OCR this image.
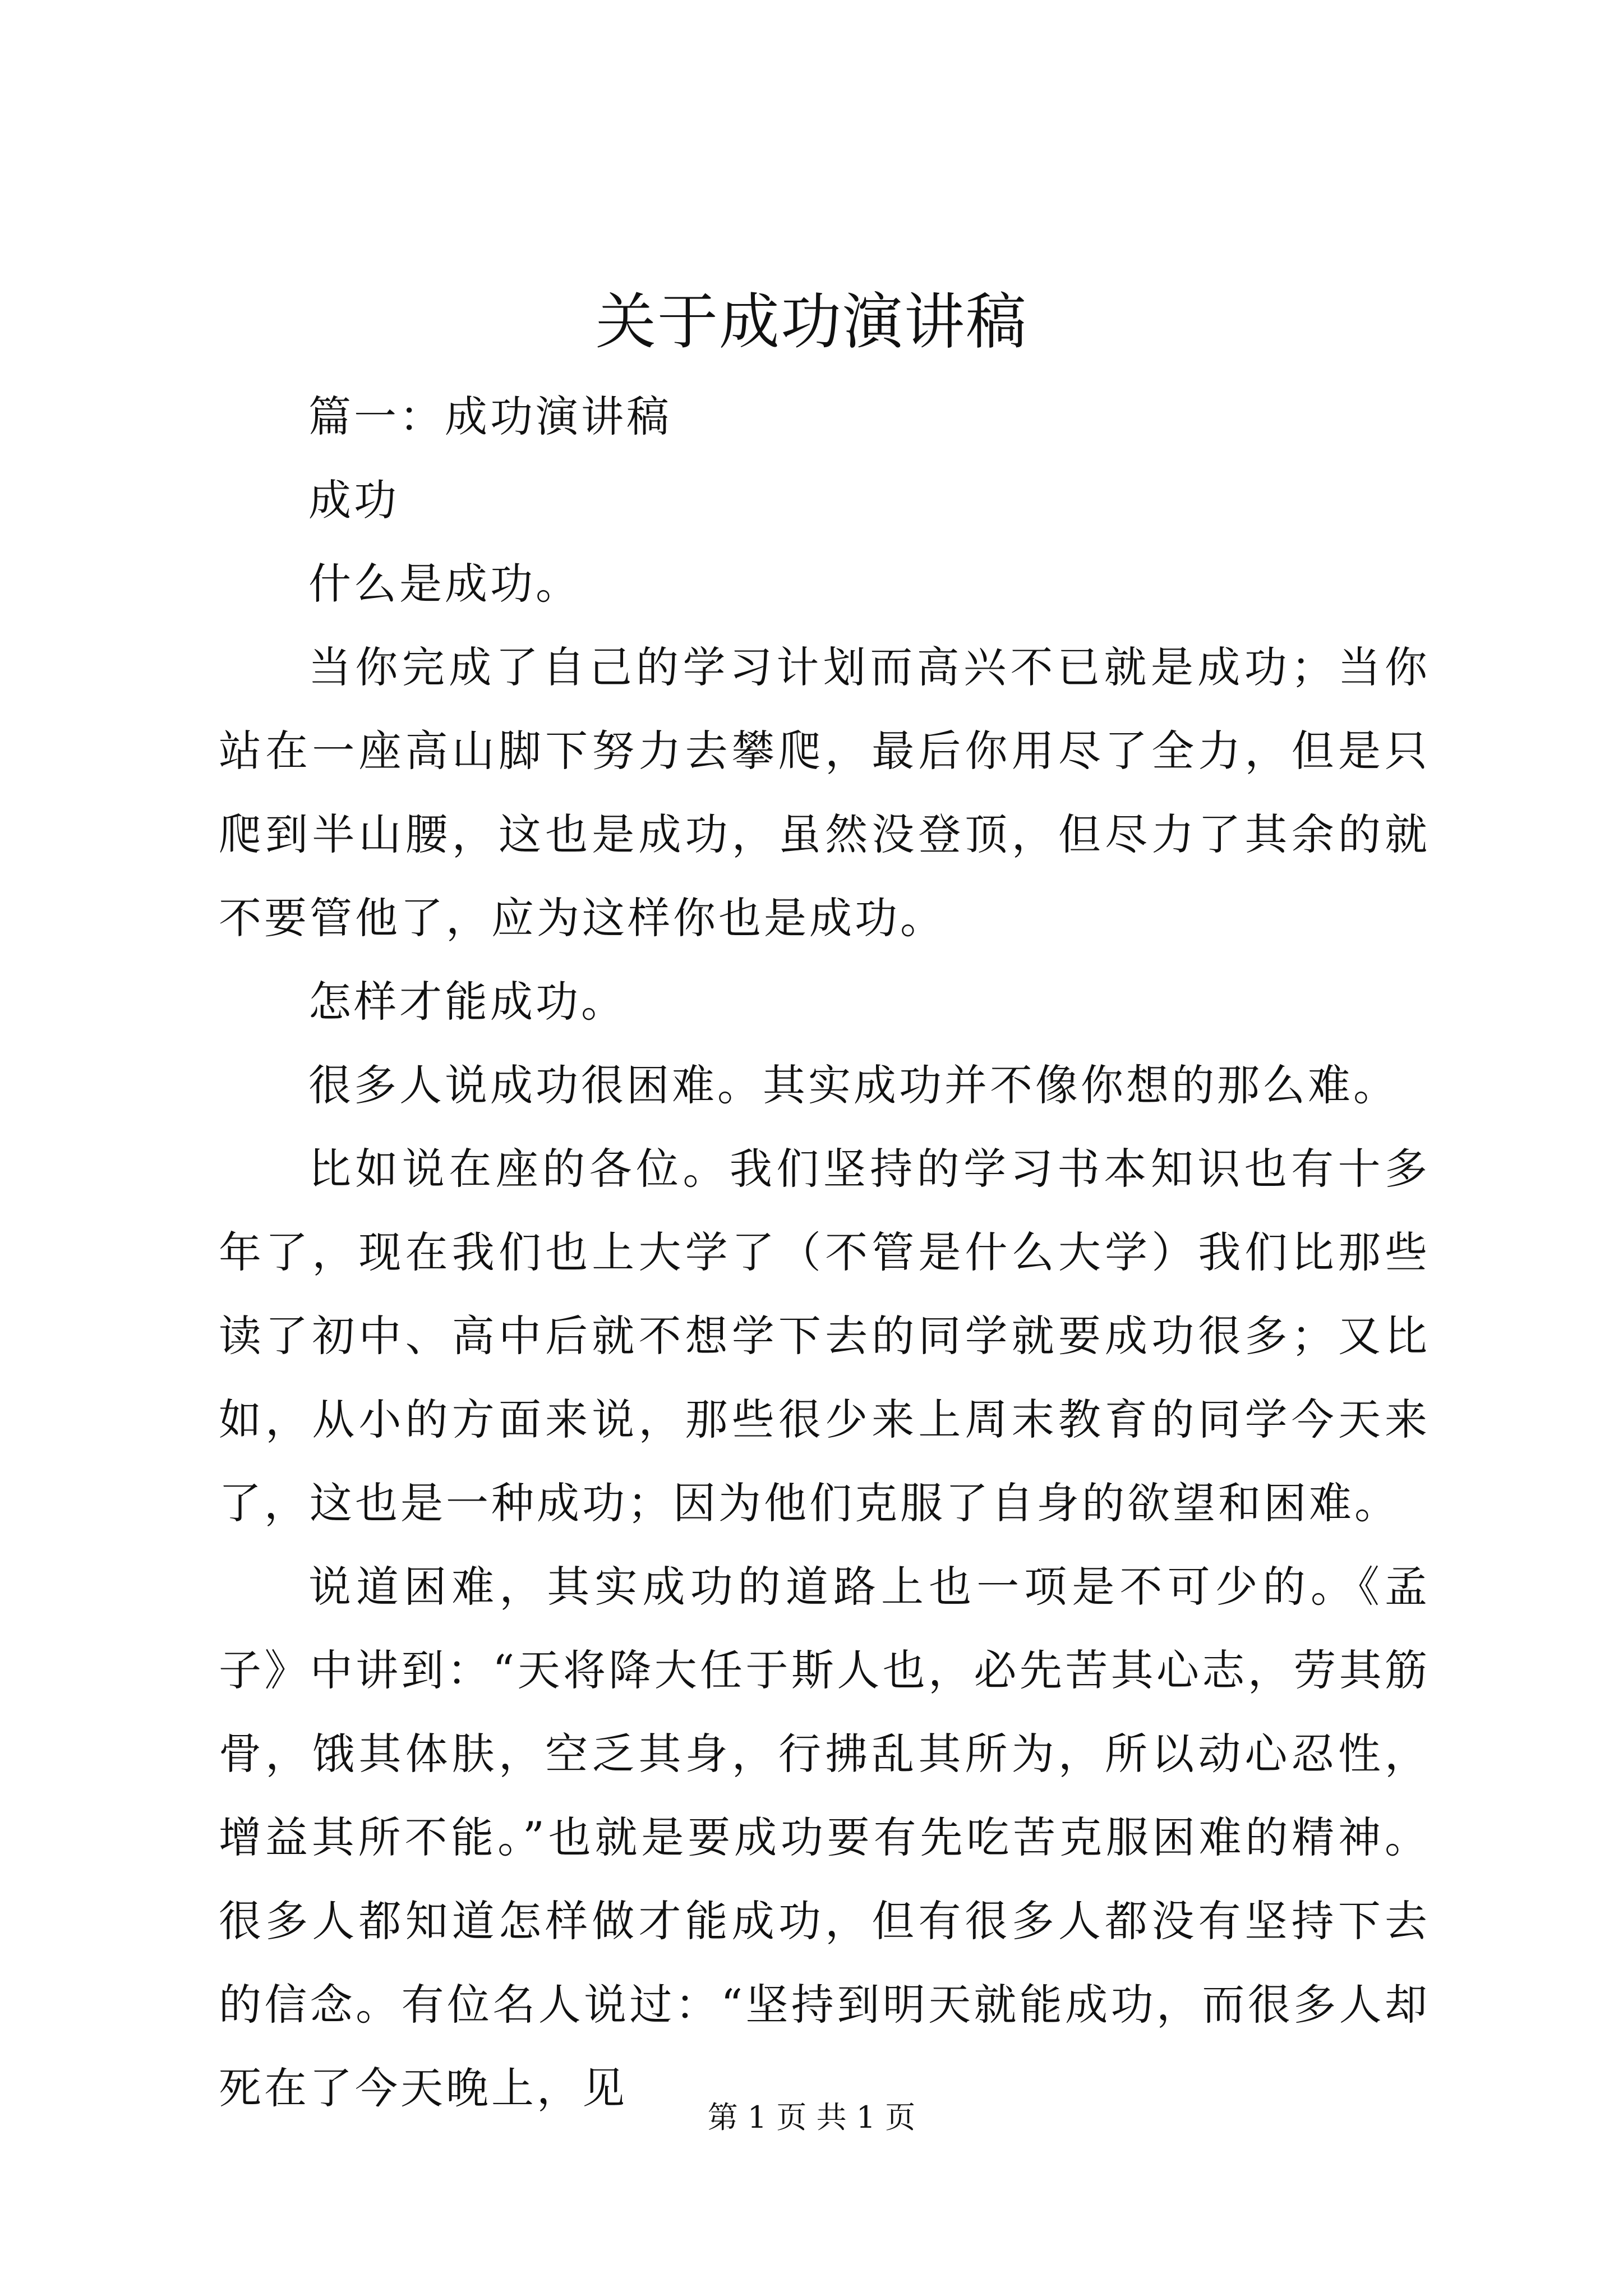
关于成功演讲稿

篇一：成功演讲稿

成功

什么是成功。

当你完成了自己的学习计划而高兴不已就是成功；当你站在一座高山脚下努力去攀爬，最后你用尽了全力，但是只爬到半山腰，这也是成功，虽然没登顶，但尽力了其余的就不要管他了，应为这样你也是成功。

怎样才能成功。

很多人说成功很困难。其实成功并不像你想的那么难。

比如说在座的各位。我们坚持的学习书本知识也有十多年了，现在我们也上大学了（不管是什么大学）我们比那些读了初中、高中后就不想学下去的同学就要成功很多；又比如，从小的方面来说，那些很少来上周末教育的同学今天来了，这也是一种成功；因为他们克服了自身的欲望和困难。

说道困难，其实成功的道路上也一项是不可少的。《孟子》中讲到：“天将降大任于斯人也，必先苦其心志，劳其筋骨，饿其体肤，空乏其身，行拂乱其所为，所以动心忍性，增益其所不能。”也就是要成功要有先吃苦克服困难的精神。很多人都知道怎样做才能成功，但有很多人都没有坚持下去的信念。有位名人说过：“坚持到明天就能成功，而很多人却死在了今天晚上，见

第 1 页 共 1 页
